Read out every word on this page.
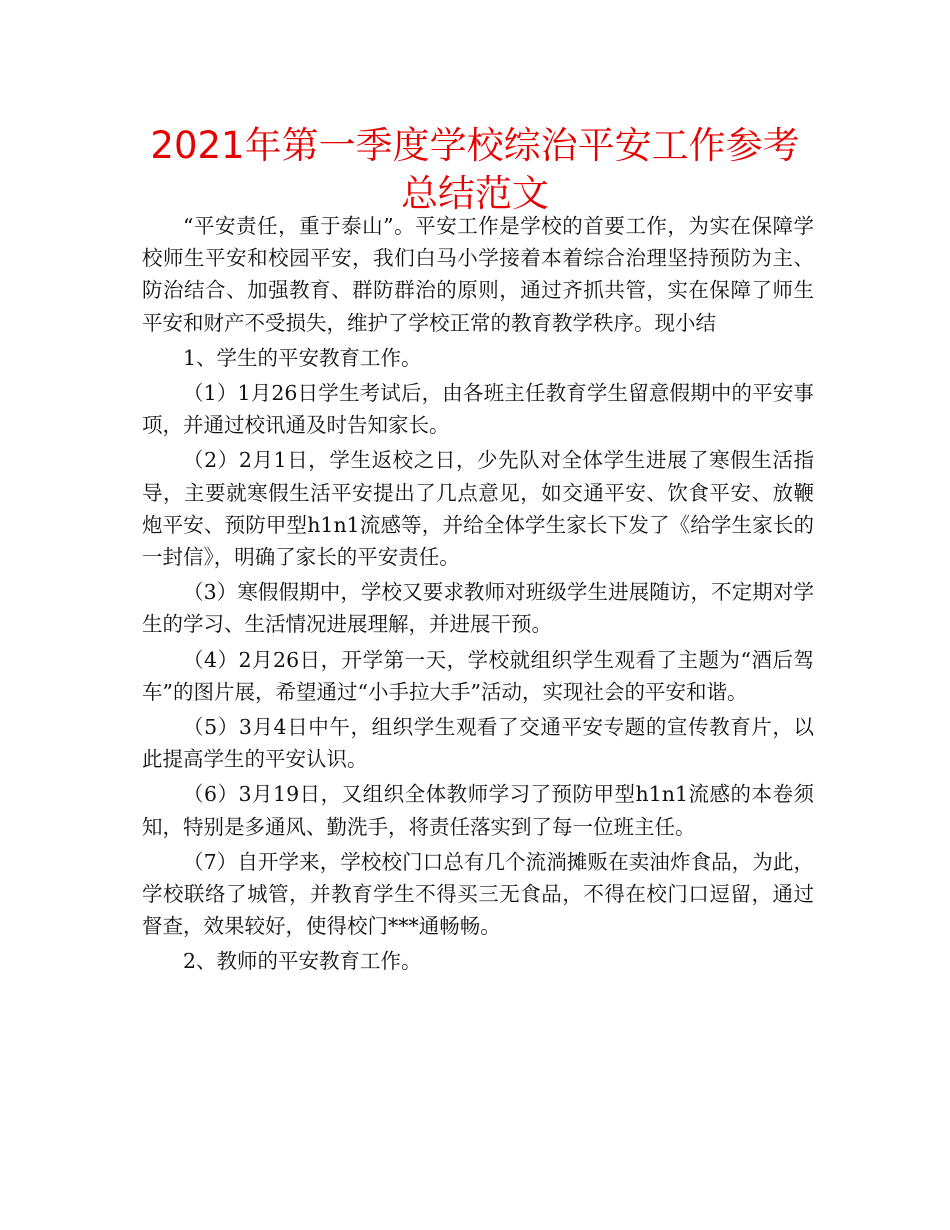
2021年第一季度学校综治平安工作参考总结范文

“平安责任，重于泰山”。平安工作是学校的首要工作，为实在保障学校师生平安和校园平安，我们白马小学接着本着综合治理坚持预防为主、防治结合、加强教育、群防群治的原则，通过齐抓共管，实在保障了师生平安和财产不受损失，维护了学校正常的教育教学秩序。现小结

1、学生的平安教育工作。

（1）1月26日学生考试后，由各班主任教育学生留意假期中的平安事项，并通过校讯通及时告知家长。

（2）2月1日，学生返校之日，少先队对全体学生进展了寒假生活指导，主要就寒假生活平安提出了几点意见，如交通平安、饮食平安、放鞭炮平安、预防甲型h1n1流感等，并给全体学生家长下发了《给学生家长的一封信》，明确了家长的平安责任。

（3）寒假假期中，学校又要求教师对班级学生进展随访，不定期对学生的学习、生活情况进展理解，并进展干预。

（4）2月26日，开学第一天，学校就组织学生观看了主题为“酒后驾车”的图片展，希望通过“小手拉大手”活动，实现社会的平安和谐。

（5）3月4日中午，组织学生观看了交通平安专题的宣传教育片，以此提高学生的平安认识。

（6）3月19日，又组织全体教师学习了预防甲型h1n1流感的本卷须知，特别是多通风、勤洗手，将责任落实到了每一位班主任。

（7）自开学来，学校校门口总有几个流淌摊贩在卖油炸食品，为此，学校联络了城管，并教育学生不得买三无食品，不得在校门口逗留，通过督查，效果较好，使得校门***通畅畅。

2、教师的平安教育工作。
